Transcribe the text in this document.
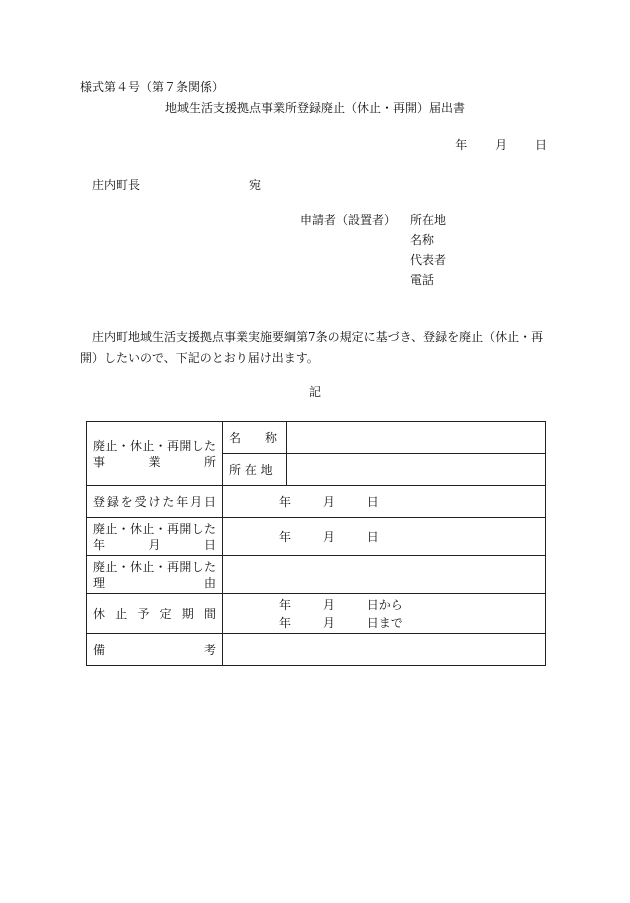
様式第４号（第７条関係）
地域生活支援拠点事業所登録廃止（休止・再開）届出書
年 月 日
庄内町長	宛
申請者（設置者） 所在地
名称
代表者
電話
庄内町地域生活支援拠点事業実施要綱第7条の規定に基づき、登録を廃止（休止・再開）したいので、下記のとおり届け出ます。
記
廃止・休止・再開した
事　　　業　　　所	名　　称	
	所 在 地	
登録を受けた年月日	年 月 日	

廃止・休止・再開した
年　　　月　　　日	年 月 日	

廃止・休止・再開した
理　　　　　　　由		

休止予定期間	年 月 日から
年 月 日まで	

備　　　　　　　考		
